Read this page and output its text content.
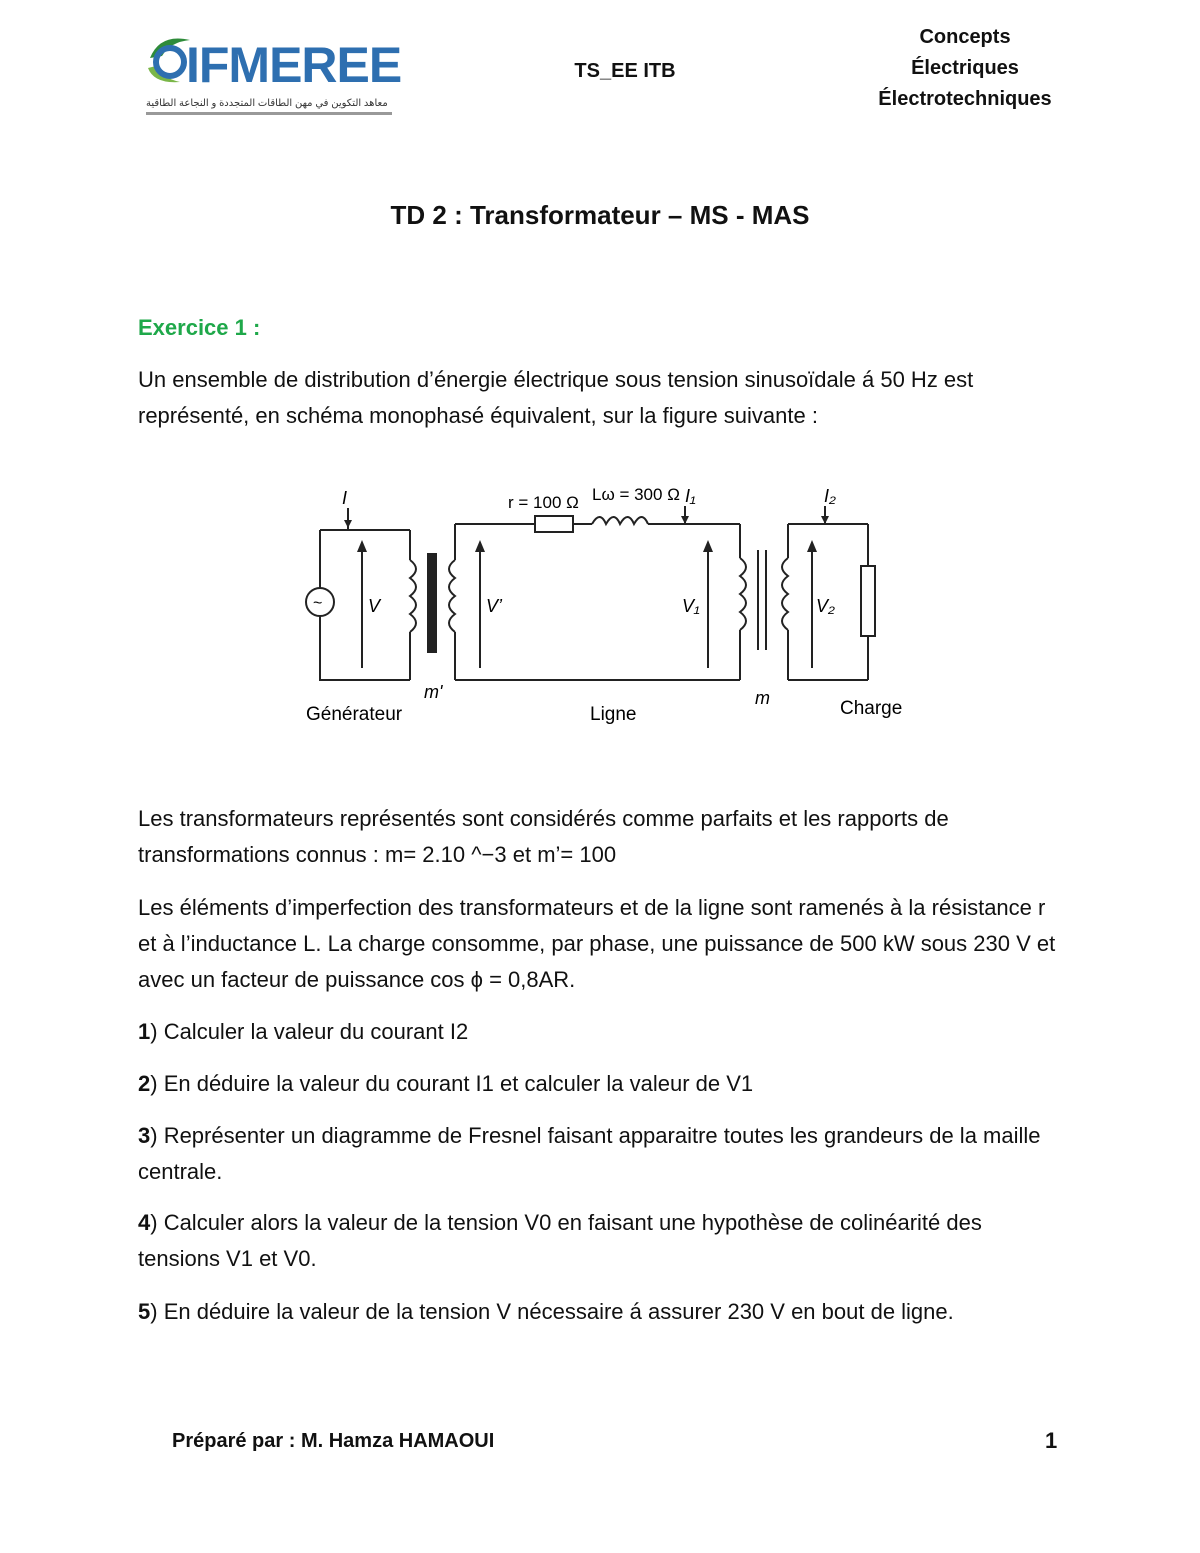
IFMEREE
معاهد التكوين في مهن الطاقات المتجددة و النجاعة الطاقية
TS_EE ITB
Concepts
Électriques
Électrotechniques
TD 2 : Transformateur – MS - MAS
Exercice 1 :
Un ensemble de distribution d’énergie électrique sous tension sinusoïdale á 50 Hz est représenté, en schéma monophasé équivalent, sur la figure suivante :
~
r = 100 Ω Lω = 300 Ω
I	I₁	I₂
V	V’	V₁	V₂
m'	m
Générateur	Ligne	Charge
Les transformateurs représentés sont considérés comme parfaits et les rapports de transformations connus : m= 2.10 ^−3 et m’= 100
Les éléments d’imperfection des transformateurs et de la ligne sont ramenés à la résistance r et à l’inductance L. La charge consomme, par phase, une puissance de 500 kW sous 230 V et avec un facteur de puissance cos ϕ = 0,8AR.
1) Calculer la valeur du courant I2
2) En déduire la valeur du courant I1 et calculer la valeur de V1
3) Représenter un diagramme de Fresnel faisant apparaitre toutes les grandeurs de la maille centrale.
4) Calculer alors la valeur de la tension V0 en faisant une hypothèse de colinéarité des tensions V1 et V0.
5) En déduire la valeur de la tension V nécessaire á assurer 230 V en bout de ligne.
Préparé par : M. Hamza HAMAOUI	1
